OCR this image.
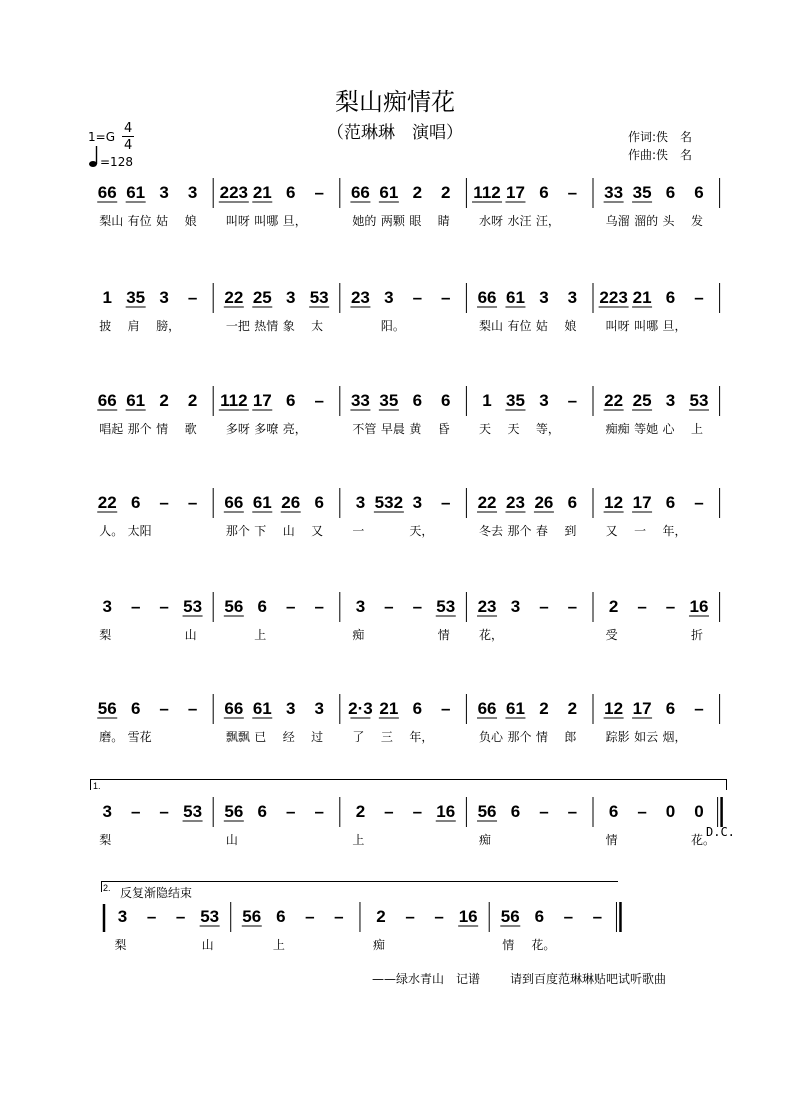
梨山痴情花
（范琳琳　演唱）
1=G
4
4
=128
作词:佚　名
作曲:佚　名
66 61 3 3 223 21 6 – 66 61 2 2 112 17 6 – 33 35 6 6
梨山 有位 姑 娘 叫呀 叫哪 旦，	她的 两颗 眼 睛 水呀 水汪 汪，	乌溜 溜的 头 发
1 35 3 – 22 25 3 53 23 3 – – 66 61 3 3 223 21 6 –
披 肩 膀，	一把 热情 象 太	阳。	梨山 有位 姑 娘 叫呀 叫哪 旦，
66 61 2 2 112 17 6 – 33 35 6 6 1 35 3 – 22 25 3 53
唱起 那个 情 歌 多呀 多嘹 亮，	不管 早晨 黄 昏 天 天 等，	痴痴 等她 心 上
22 6 – – 66 61 26 6 3 532 3 – 22 23 26 6 12 17 6 –
人。 太阳	那个 下 山 又 一	天，	冬去 那个 春 到 又 一 年，
3 – – 53 56 6 – – 3 – – 53 23 3 – – 2 – – 16
梨	山	上	痴	情 花，	受	折
56 6 – – 66 61 3 3 2·3 21 6 – 66 61 2 2 12 17 6 –
磨。 雪花	飘飘 已 经 过 了 三 年，	负心 那个 情 郎 踪影 如云 烟，
3 – – 53 56 6 – – 2 – – 16 56 6 – – 6 – 0 0
梨	山	上	痴	情	花。
D.C.
3 – – 53 56 6 – – 2 – – 16 56 6 – –
梨	山	上	痴	情 花。
1.
2. 反复渐隐结束
——绿水青山　记谱 请到百度范琳琳贴吧试听歌曲
